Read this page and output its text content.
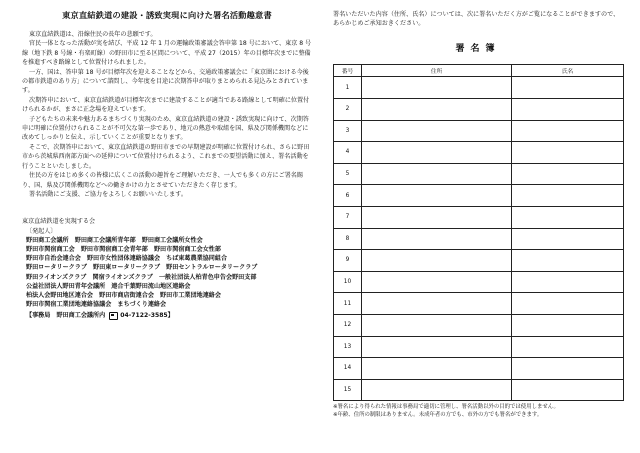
東京直結鉄道の建設・誘致実現に向けた署名活動趣意書

東京直結鉄道は、沿線住民の長年の悲願です。

官民一体となった活動が実を結び、平成 12 年 1 月の運輸政策審議会答申第 18 号において、東京 8 号線（地下鉄 8 号線・有楽町線）の野田市に至る区間について、平成 27（2015）年の目標年次までに整備を推進すべき路線として位置付けられました。

一方、国は、答申第 18 号が目標年次を迎えることなどから、交通政策審議会に「東京圏における今後の都市鉄道のあり方」について諮問し、今年度を目途に次期答申が取りまとめられる見込みとされています。

次期答申において、東京直結鉄道が目標年次までに建設することが適当である路線として明確に位置付けられるかが、まさに正念場を迎えています。

子どもたちの未来や魅力あるまちづくり実現のため、東京直結鉄道の建設・誘致実現に向けて、次期答申に明確に位置付けられることが不可欠な第一歩であり、地元の熱意や取組を国、県及び関係機関などに改めてしっかりと伝え、示していくことが重要となります。

そこで、次期答申において、東京直結鉄道の野田市までの早期建設が明確に位置付けられ、さらに野田市から茨城県西南部方面への延伸について位置付けられるよう、これまでの要望活動に加え、署名活動を行うことといたしました。

住民の方をはじめ多くの皆様に広くこの活動の趣旨をご理解いただき、一人でも多くの方にご署名賜り、国、県及び関係機関などへの働きかけの力とさせていただきたく存じます。

署名活動にご支援、ご協力をよろしくお願いいたします。

東京直結鉄道を実現する会

〔発起人〕

野田商工会議所　野田商工会議所青年部　野田商工会議所女性会

野田市関宿商工会　野田市関宿商工会青年部　野田市関宿商工会女性部

野田市自治会連合会　野田市女性団体連絡協議会　ちば東葛農業協同組合

野田ロータリークラブ　野田東ロータリークラブ　野田セントラルロータリークラブ

野田ライオンズクラブ　関宿ライオンズクラブ　一般社団法人柏青色申告会野田支部

公益社団法人野田青年会議所　連合千葉野田流山地区連絡会

柏法人会野田地区連合会　野田市商店街連合会　野田市工業団地連絡会

野田市関宿工業団地連絡協議会　まちづくり連絡会

【事務局　野田商工会議所内 04-7122-3585】

署名いただいた内容（住所、氏名）については、次に署名いただく方がご覧になることができますので、あらかじめご承知おきください。

署名簿
番号	住所	氏名
1		
2		
3		
4		
5		
6		
7		
8		
9		
10		
11		
12		
13		
14		
15		
※署名により得られた情報は事務局で適切に管理し、署名活動以外の目的では使用しません。
※年齢、住所の制限はありません。未成年者の方でも、市外の方でも署名ができます。
